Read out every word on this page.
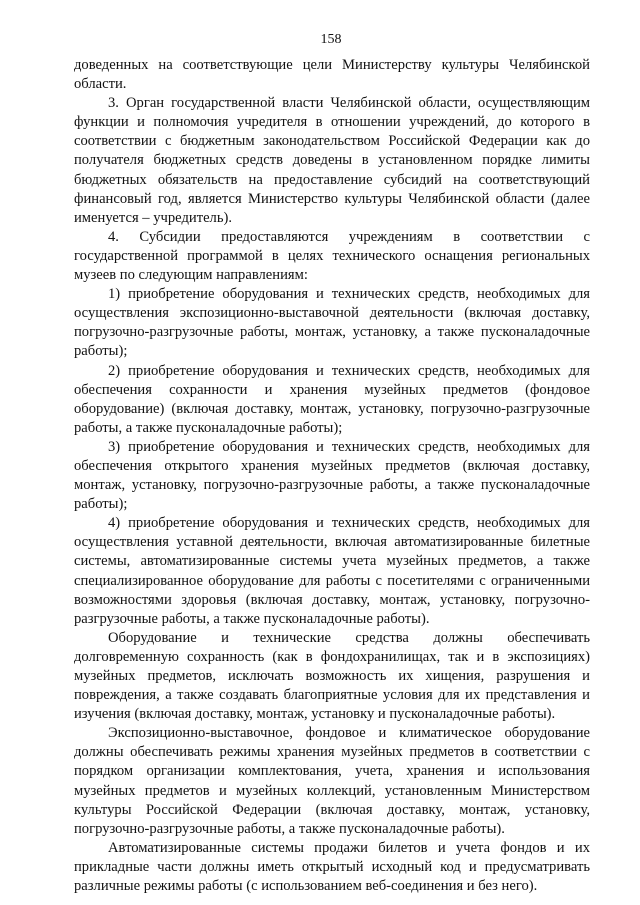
158

доведенных на соответствующие цели Министерству культуры Челябинской области.

3. Орган государственной власти Челябинской области, осуществляющим функции и полномочия учредителя в отношении учреждений, до которого в соответствии с бюджетным законодательством Российской Федерации как до получателя бюджетных средств доведены в установленном порядке лимиты бюджетных обязательств на предоставление субсидий на соответствующий финансовый год, является Министерство культуры Челябинской области (далее именуется – учредитель).

4. Субсидии предоставляются учреждениям в соответствии с государственной программой в целях технического оснащения региональных музеев по следующим направлениям:

1) приобретение оборудования и технических средств, необходимых для осуществления экспозиционно-выставочной деятельности (включая доставку, погрузочно-разгрузочные работы, монтаж, установку, а также пусконаладочные работы);

2) приобретение оборудования и технических средств, необходимых для обеспечения сохранности и хранения музейных предметов (фондовое оборудование) (включая доставку, монтаж, установку, погрузочно-разгрузочные работы, а также пусконаладочные работы);

3) приобретение оборудования и технических средств, необходимых для обеспечения открытого хранения музейных предметов (включая доставку, монтаж, установку, погрузочно-разгрузочные работы, а также пусконаладочные работы);

4) приобретение оборудования и технических средств, необходимых для осуществления уставной деятельности, включая автоматизированные билетные системы, автоматизированные системы учета музейных предметов, а также специализированное оборудование для работы с посетителями с ограниченными возможностями здоровья (включая доставку, монтаж, установку, погрузочно-разгрузочные работы, а также пусконаладочные работы).

Оборудование и технические средства должны обеспечивать долговременную сохранность (как в фондохранилищах, так и в экспозициях) музейных предметов, исключать возможность их хищения, разрушения и повреждения, а также создавать благоприятные условия для их представления и изучения (включая доставку, монтаж, установку и пусконаладочные работы).

Экспозиционно-выставочное, фондовое и климатическое оборудование должны обеспечивать режимы хранения музейных предметов в соответствии с порядком организации комплектования, учета, хранения и использования музейных предметов и музейных коллекций, установленным Министерством культуры Российской Федерации (включая доставку, монтаж, установку, погрузочно-разгрузочные работы, а также пусконаладочные работы).

Автоматизированные системы продажи билетов и учета фондов и их прикладные части должны иметь открытый исходный код и предусматривать различные режимы работы (с использованием веб-соединения и без него).
